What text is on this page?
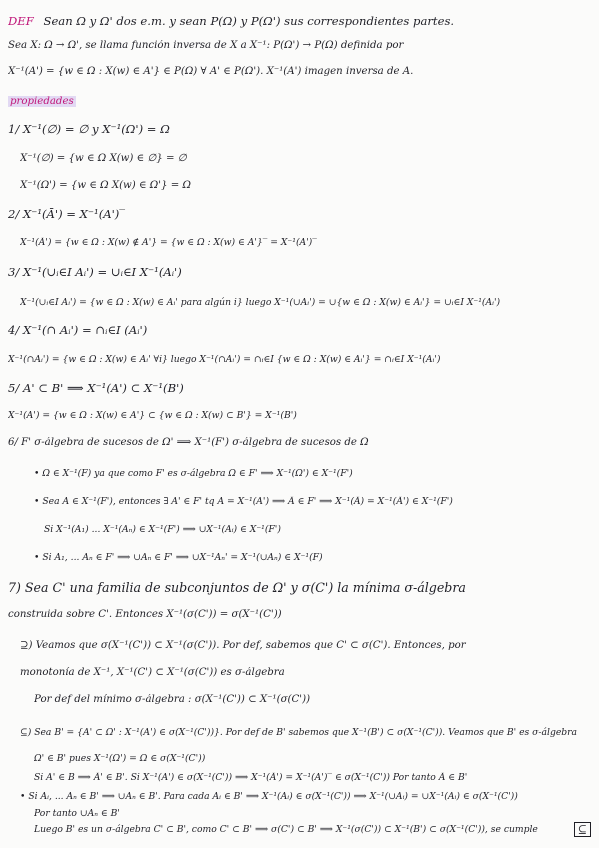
DEF Sean Ω y Ω' dos e.m. y sean P(Ω) y P(Ω') sus correspondientes partes.
Sea X: Ω → Ω', se llama función inversa de X a X⁻¹: P(Ω') → P(Ω) definida por
X⁻¹(A') = {w ∈ Ω : X(w) ∈ A'} ∈ P(Ω) ∀ A' ∈ P(Ω'). X⁻¹(A') imagen inversa de A.
propiedades
1/ X⁻¹(∅) = ∅ y X⁻¹(Ω') = Ω
X⁻¹(∅) = {w ∈ Ω X(w) ∈ ∅} = ∅
X⁻¹(Ω') = {w ∈ Ω X(w) ∈ Ω'} = Ω
2/ X⁻¹(Ā') = X⁻¹(A')‾
X⁻¹(Ā') = {w ∈ Ω : X(w) ∉ A'} = {w ∈ Ω : X(w) ∈ A'}‾ = X⁻¹(A')‾
3/ X⁻¹(∪ᵢ∈I Aᵢ') = ∪ᵢ∈I X⁻¹(Aᵢ')
X⁻¹(∪ᵢ∈I Aᵢ') = {w ∈ Ω : X(w) ∈ Aᵢ' para algún i} luego X⁻¹(∪Aᵢ') = ∪{w ∈ Ω : X(w) ∈ Aᵢ'} = ∪ᵢ∈I X⁻¹(Aᵢ')
4/ X⁻¹(∩ Aᵢ') = ∩ᵢ∈I (Aᵢ')
X⁻¹(∩Aᵢ') = {w ∈ Ω : X(w) ∈ Aᵢ' ∀i} luego X⁻¹(∩Aᵢ') = ∩ᵢ∈I {w ∈ Ω : X(w) ∈ Aᵢ'} = ∩ᵢ∈I X⁻¹(Aᵢ')
5/ A' ⊂ B' ⟹ X⁻¹(A') ⊂ X⁻¹(B')
X⁻¹(A') = {w ∈ Ω : X(w) ∈ A'} ⊂ {w ∈ Ω : X(w) ⊂ B'} = X⁻¹(B')
6/ F' σ-álgebra de sucesos de Ω' ⟹ X⁻¹(F') σ-álgebra de sucesos de Ω
• Ω ∈ X⁻¹(F) ya que como F' es σ-álgebra Ω ∈ F' ⟹ X⁻¹(Ω') ∈ X⁻¹(F')
• Sea A ∈ X⁻¹(F'), entonces ∃ A' ∈ F' tq A = X⁻¹(A') ⟹ Ā ∈ F' ⟹ X⁻¹(Ā) = X⁻¹(Ā') ∈ X⁻¹(F')
Si X⁻¹(A₁) ... X⁻¹(Aₙ) ∈ X⁻¹(F') ⟹ ∪X⁻¹(Aᵢ) ∈ X⁻¹(F')
• Si A₁, ... Aₙ ∈ F' ⟹ ∪Aₙ ∈ F' ⟹ ∪X⁻¹Aₙ' = X⁻¹(∪Aₙ) ∈ X⁻¹(F)
7) Sea C' una familia de subconjuntos de Ω' y σ(C') la mínima σ-álgebra
construida sobre C'. Entonces X⁻¹(σ(C')) = σ(X⁻¹(C'))
⊇) Veamos que σ(X⁻¹(C')) ⊂ X⁻¹(σ(C')). Por def, sabemos que C' ⊂ σ(C'). Entonces, por
monotonía de X⁻¹, X⁻¹(C') ⊂ X⁻¹(σ(C')) es σ-álgebra
Por def del mínimo σ-álgebra : σ(X⁻¹(C')) ⊂ X⁻¹(σ(C'))
⊆) Sea B' = {A' ⊂ Ω' : X⁻¹(A') ∈ σ(X⁻¹(C'))}. Por def de B' sabemos que X⁻¹(B') ⊂ σ(X⁻¹(C')). Veamos que B' es σ-álgebra
Ω' ∈ B' pues X⁻¹(Ω') = Ω ∈ σ(X⁻¹(C'))
Si A' ∈ B ⟹ Ā' ∈ B'. Si X⁻¹(A') ∈ σ(X⁻¹(C')) ⟹ X⁻¹(Ā') = X⁻¹(A')‾ ∈ σ(X⁻¹(C')) Por tanto Ā ∈ B'
• Si Aᵢ, ... Aₙ ∈ B' ⟹ ∪Aₙ ∈ B'. Para cada Aᵢ ∈ B' ⟹ X⁻¹(Aᵢ) ∈ σ(X⁻¹(C')) ⟹ X⁻¹(∪Aᵢ) = ∪X⁻¹(Aᵢ) ∈ σ(X⁻¹(C'))
Por tanto ∪Aₙ ∈ B'
Luego B' es un σ-álgebra C' ⊂ B', como C' ⊂ B' ⟹ σ(C') ⊂ B' ⟹ X⁻¹(σ(C')) ⊂ X⁻¹(B') ⊂ σ(X⁻¹(C')), se cumple	⊆
